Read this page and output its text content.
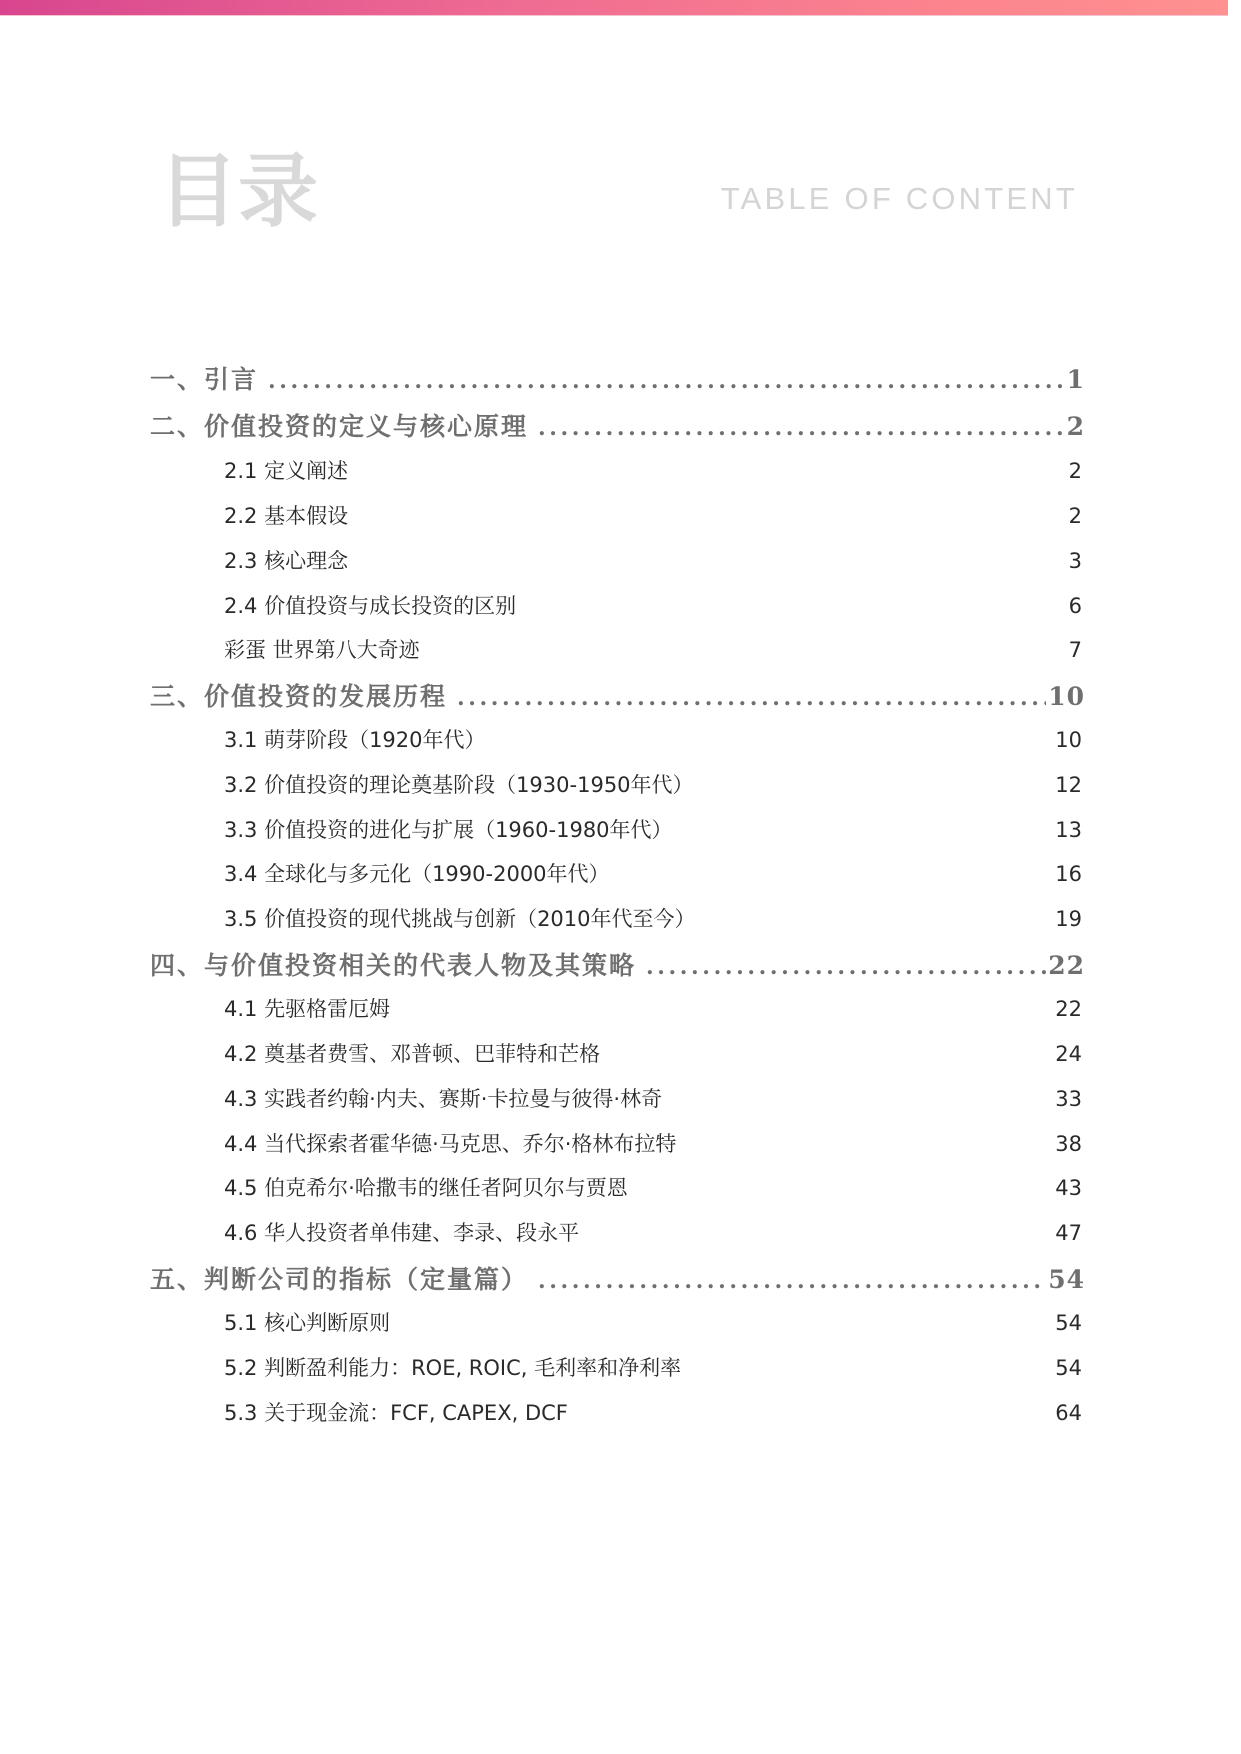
目录	TABLE OF CONTENT
一、引言 .....	1
二、价值投资的定义与核心原理 .....	2
2.1 定义阐述	2
2.2 基本假设	2
2.3 核心理念	3
2.4 价值投资与成长投资的区别	6
彩蛋 世界第八大奇迹	7
三、价值投资的发展历程 .....	10
3.1 萌芽阶段（1920年代）	10
3.2 价值投资的理论奠基阶段（1930-1950年代）	12
3.3 价值投资的进化与扩展（1960-1980年代）	13
3.4 全球化与多元化（1990-2000年代）	16
3.5 价值投资的现代挑战与创新（2010年代至今）	19
四、与价值投资相关的代表人物及其策略 .....	22
4.1 先驱格雷厄姆	22
4.2 奠基者费雪、邓普顿、巴菲特和芒格	24
4.3 实践者约翰·内夫、赛斯·卡拉曼与彼得·林奇	33
4.4 当代探索者霍华德·马克思、乔尔·格林布拉特	38
4.5 伯克希尔·哈撒韦的继任者阿贝尔与贾恩	43
4.6 华人投资者单伟建、李录、段永平	47
五、判断公司的指标（定量篇） .....	54
5.1 核心判断原则	54
5.2 判断盈利能力：ROE, ROIC, 毛利率和净利率	54
5.3 关于现金流：FCF, CAPEX, DCF	64
